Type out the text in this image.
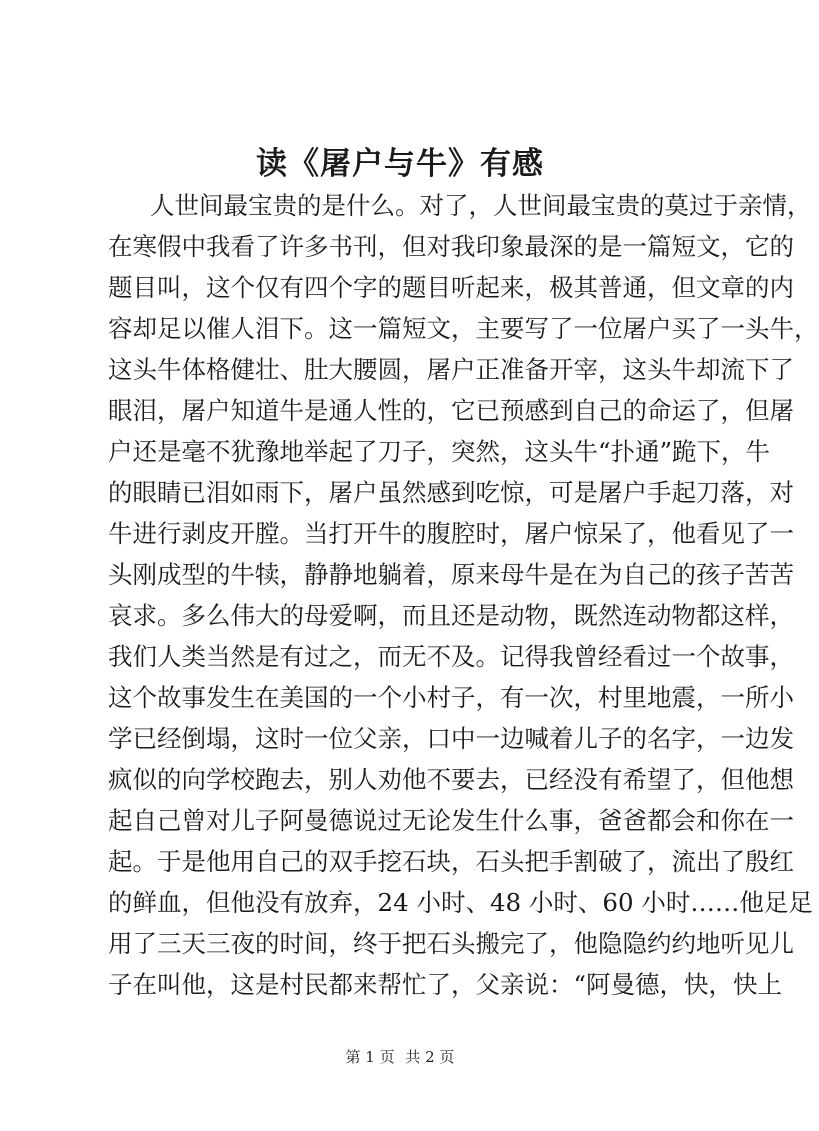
读《屠户与牛》有感
人世间最宝贵的是什么。对了，人世间最宝贵的莫过于亲情，
在寒假中我看了许多书刊，但对我印象最深的是一篇短文，它的
题目叫，这个仅有四个字的题目听起来，极其普通，但文章的内
容却足以催人泪下。这一篇短文，主要写了一位屠户买了一头牛，
这头牛体格健壮、肚大腰圆，屠户正准备开宰，这头牛却流下了
眼泪，屠户知道牛是通人性的，它已预感到自己的命运了，但屠
户还是毫不犹豫地举起了刀子，突然，这头牛“扑通”跪下，牛
的眼睛已泪如雨下，屠户虽然感到吃惊，可是屠户手起刀落，对
牛进行剥皮开膛。当打开牛的腹腔时，屠户惊呆了，他看见了一
头刚成型的牛犊，静静地躺着，原来母牛是在为自己的孩子苦苦
哀求。多么伟大的母爱啊，而且还是动物，既然连动物都这样，
我们人类当然是有过之，而无不及。记得我曾经看过一个故事，
这个故事发生在美国的一个小村子，有一次，村里地震，一所小
学已经倒塌，这时一位父亲，口中一边喊着儿子的名字，一边发
疯似的向学校跑去，别人劝他不要去，已经没有希望了，但他想
起自己曾对儿子阿曼德说过无论发生什么事，爸爸都会和你在一
起。于是他用自己的双手挖石块，石头把手割破了，流出了殷红
的鲜血，但他没有放弃，24 小时、48 小时、60 小时……他足足
用了三天三夜的时间，终于把石头搬完了，他隐隐约约地听见儿
子在叫他，这是村民都来帮忙了，父亲说：“阿曼德，快，快上
第 1 页 共 2 页
